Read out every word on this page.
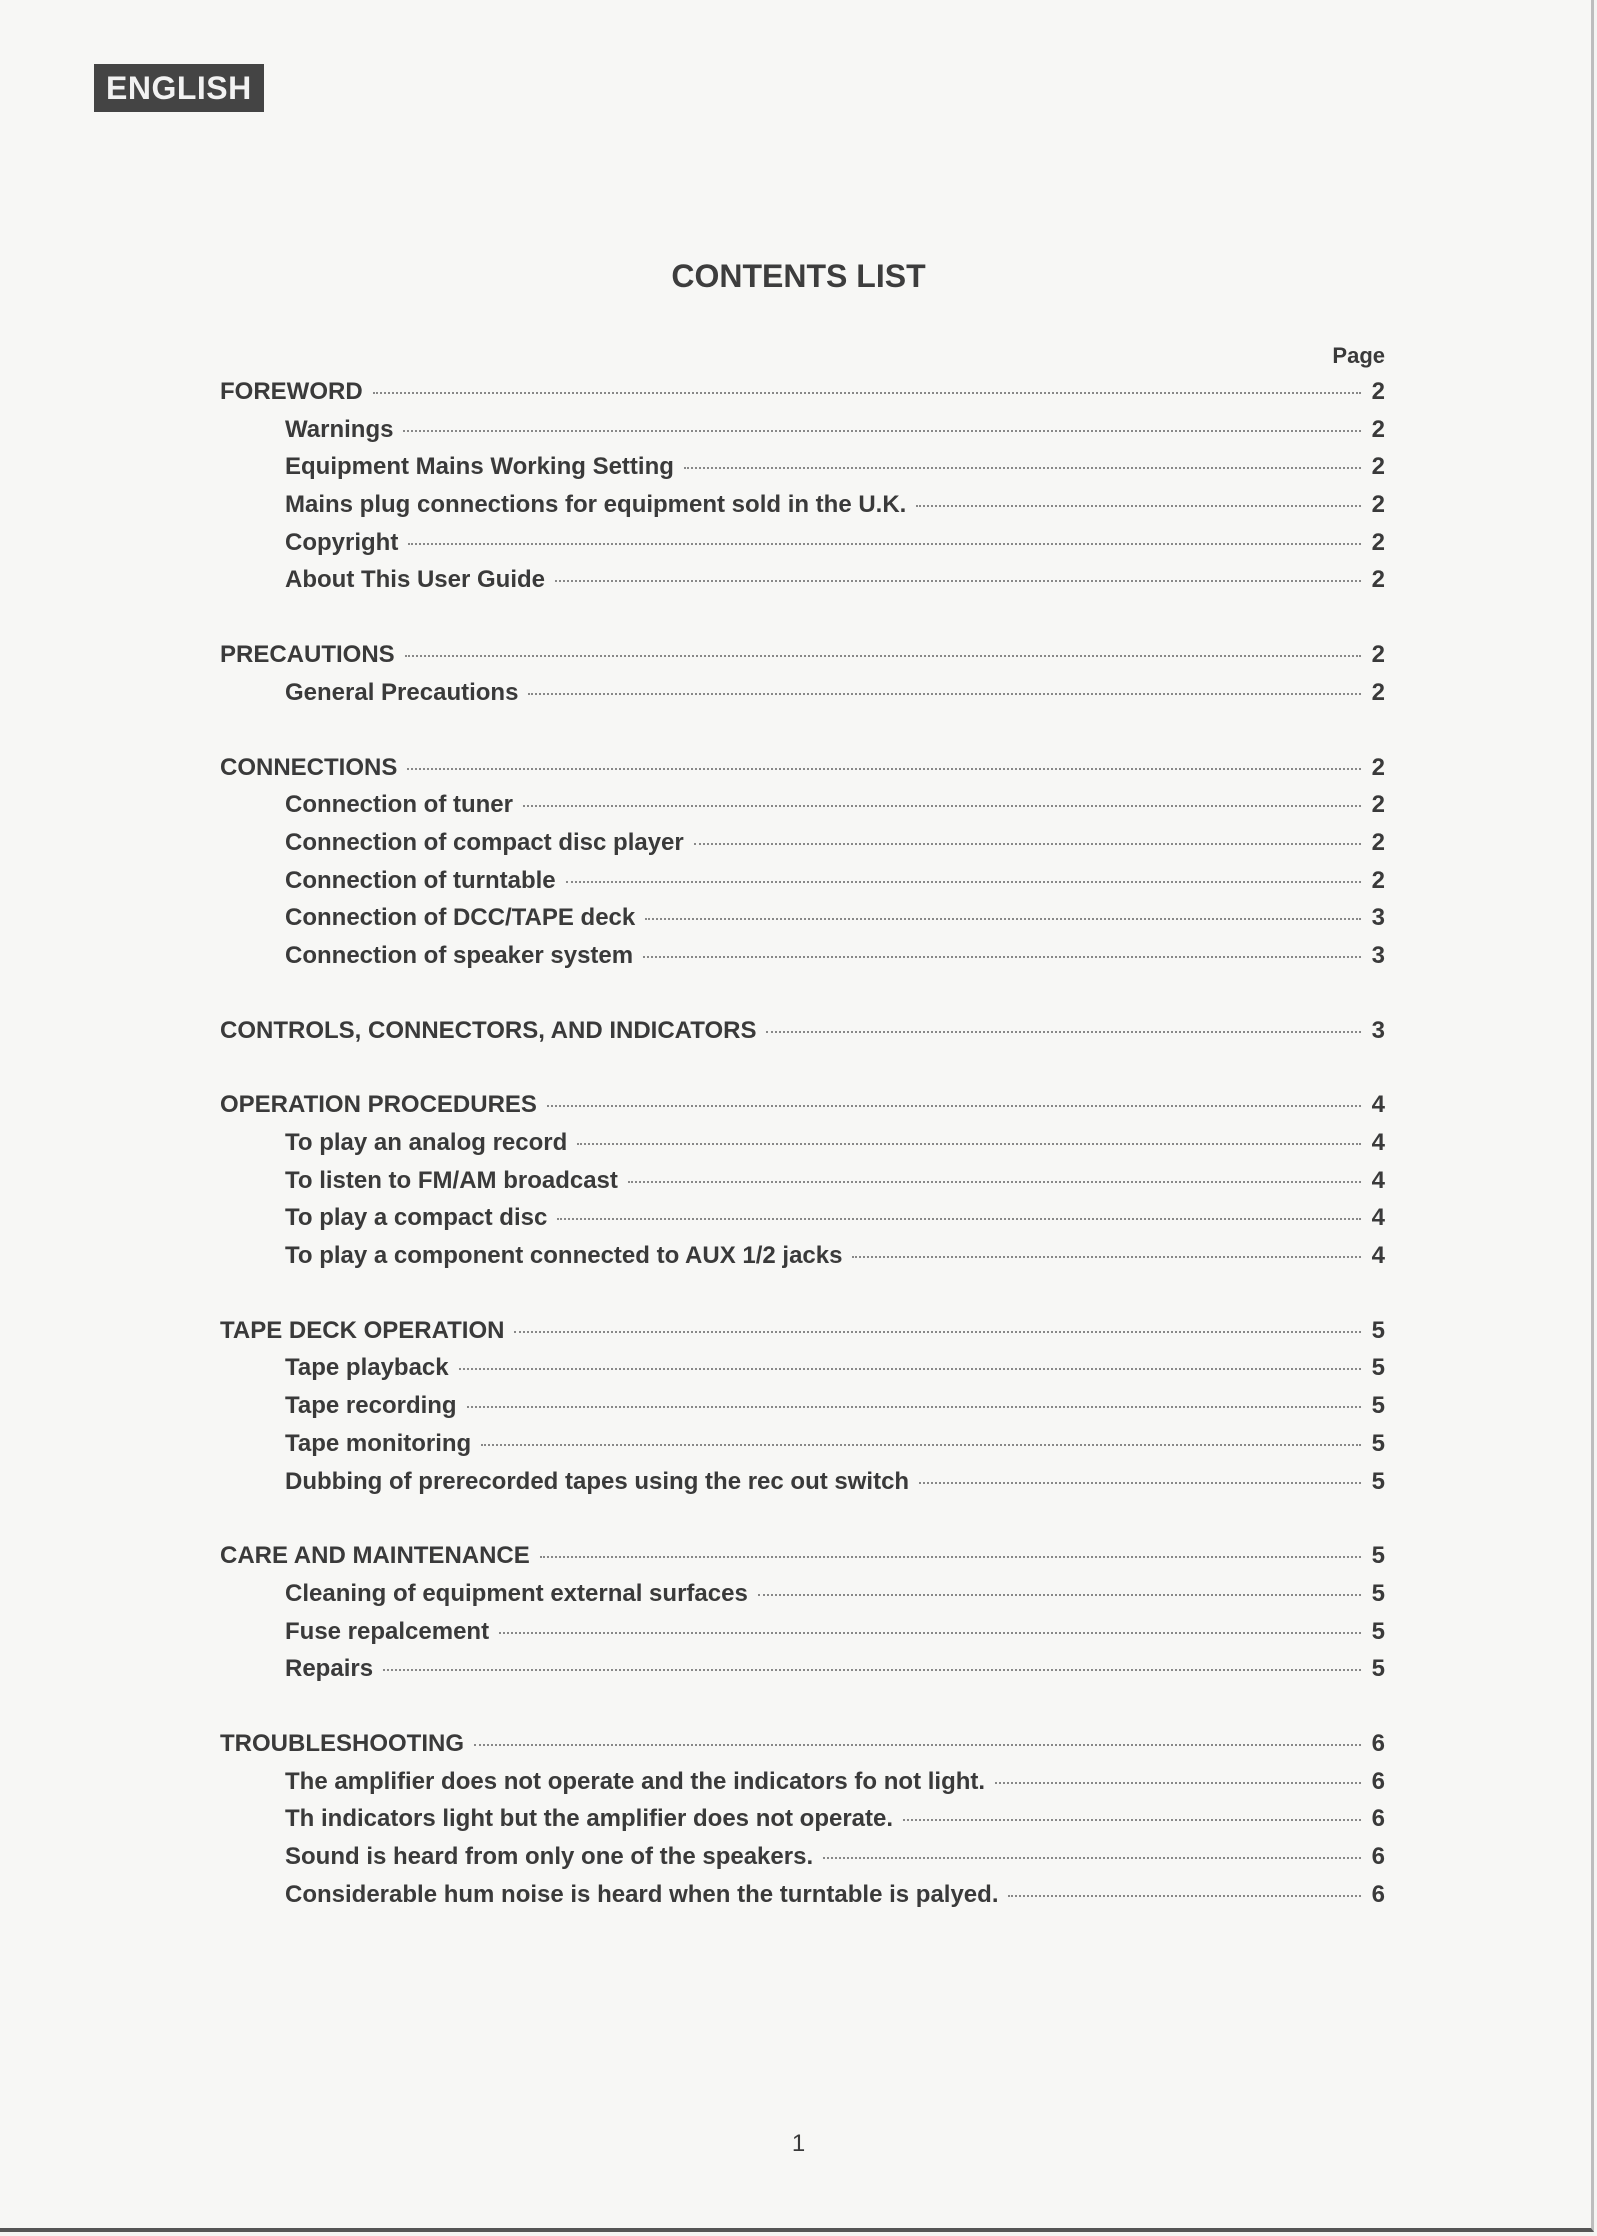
ENGLISH
CONTENTS LIST
Page
FOREWORD	2
Warnings	2
Equipment Mains Working Setting	2
Mains plug connections for equipment sold in the U.K.	2
Copyright	2
About This User Guide	2
PRECAUTIONS	2
General Precautions	2
CONNECTIONS	2
Connection of tuner	2
Connection of compact disc player	2
Connection of turntable	2
Connection of DCC/TAPE deck	3
Connection of speaker system	3
CONTROLS, CONNECTORS, AND INDICATORS	3
OPERATION PROCEDURES	4
To play an analog record	4
To listen to FM/AM broadcast	4
To play a compact disc	4
To play a component connected to AUX 1/2 jacks	4
TAPE DECK OPERATION	5
Tape playback	5
Tape recording	5
Tape monitoring	5
Dubbing of prerecorded tapes using the rec out switch	5
CARE AND MAINTENANCE	5
Cleaning of equipment external surfaces	5
Fuse repalcement	5
Repairs	5
TROUBLESHOOTING	6
The amplifier does not operate and the indicators fo not light.	6
Th indicators light but the amplifier does not operate.	6
Sound is heard from only one of the speakers.	6
Considerable hum noise is heard when the turntable is palyed.	6
1
